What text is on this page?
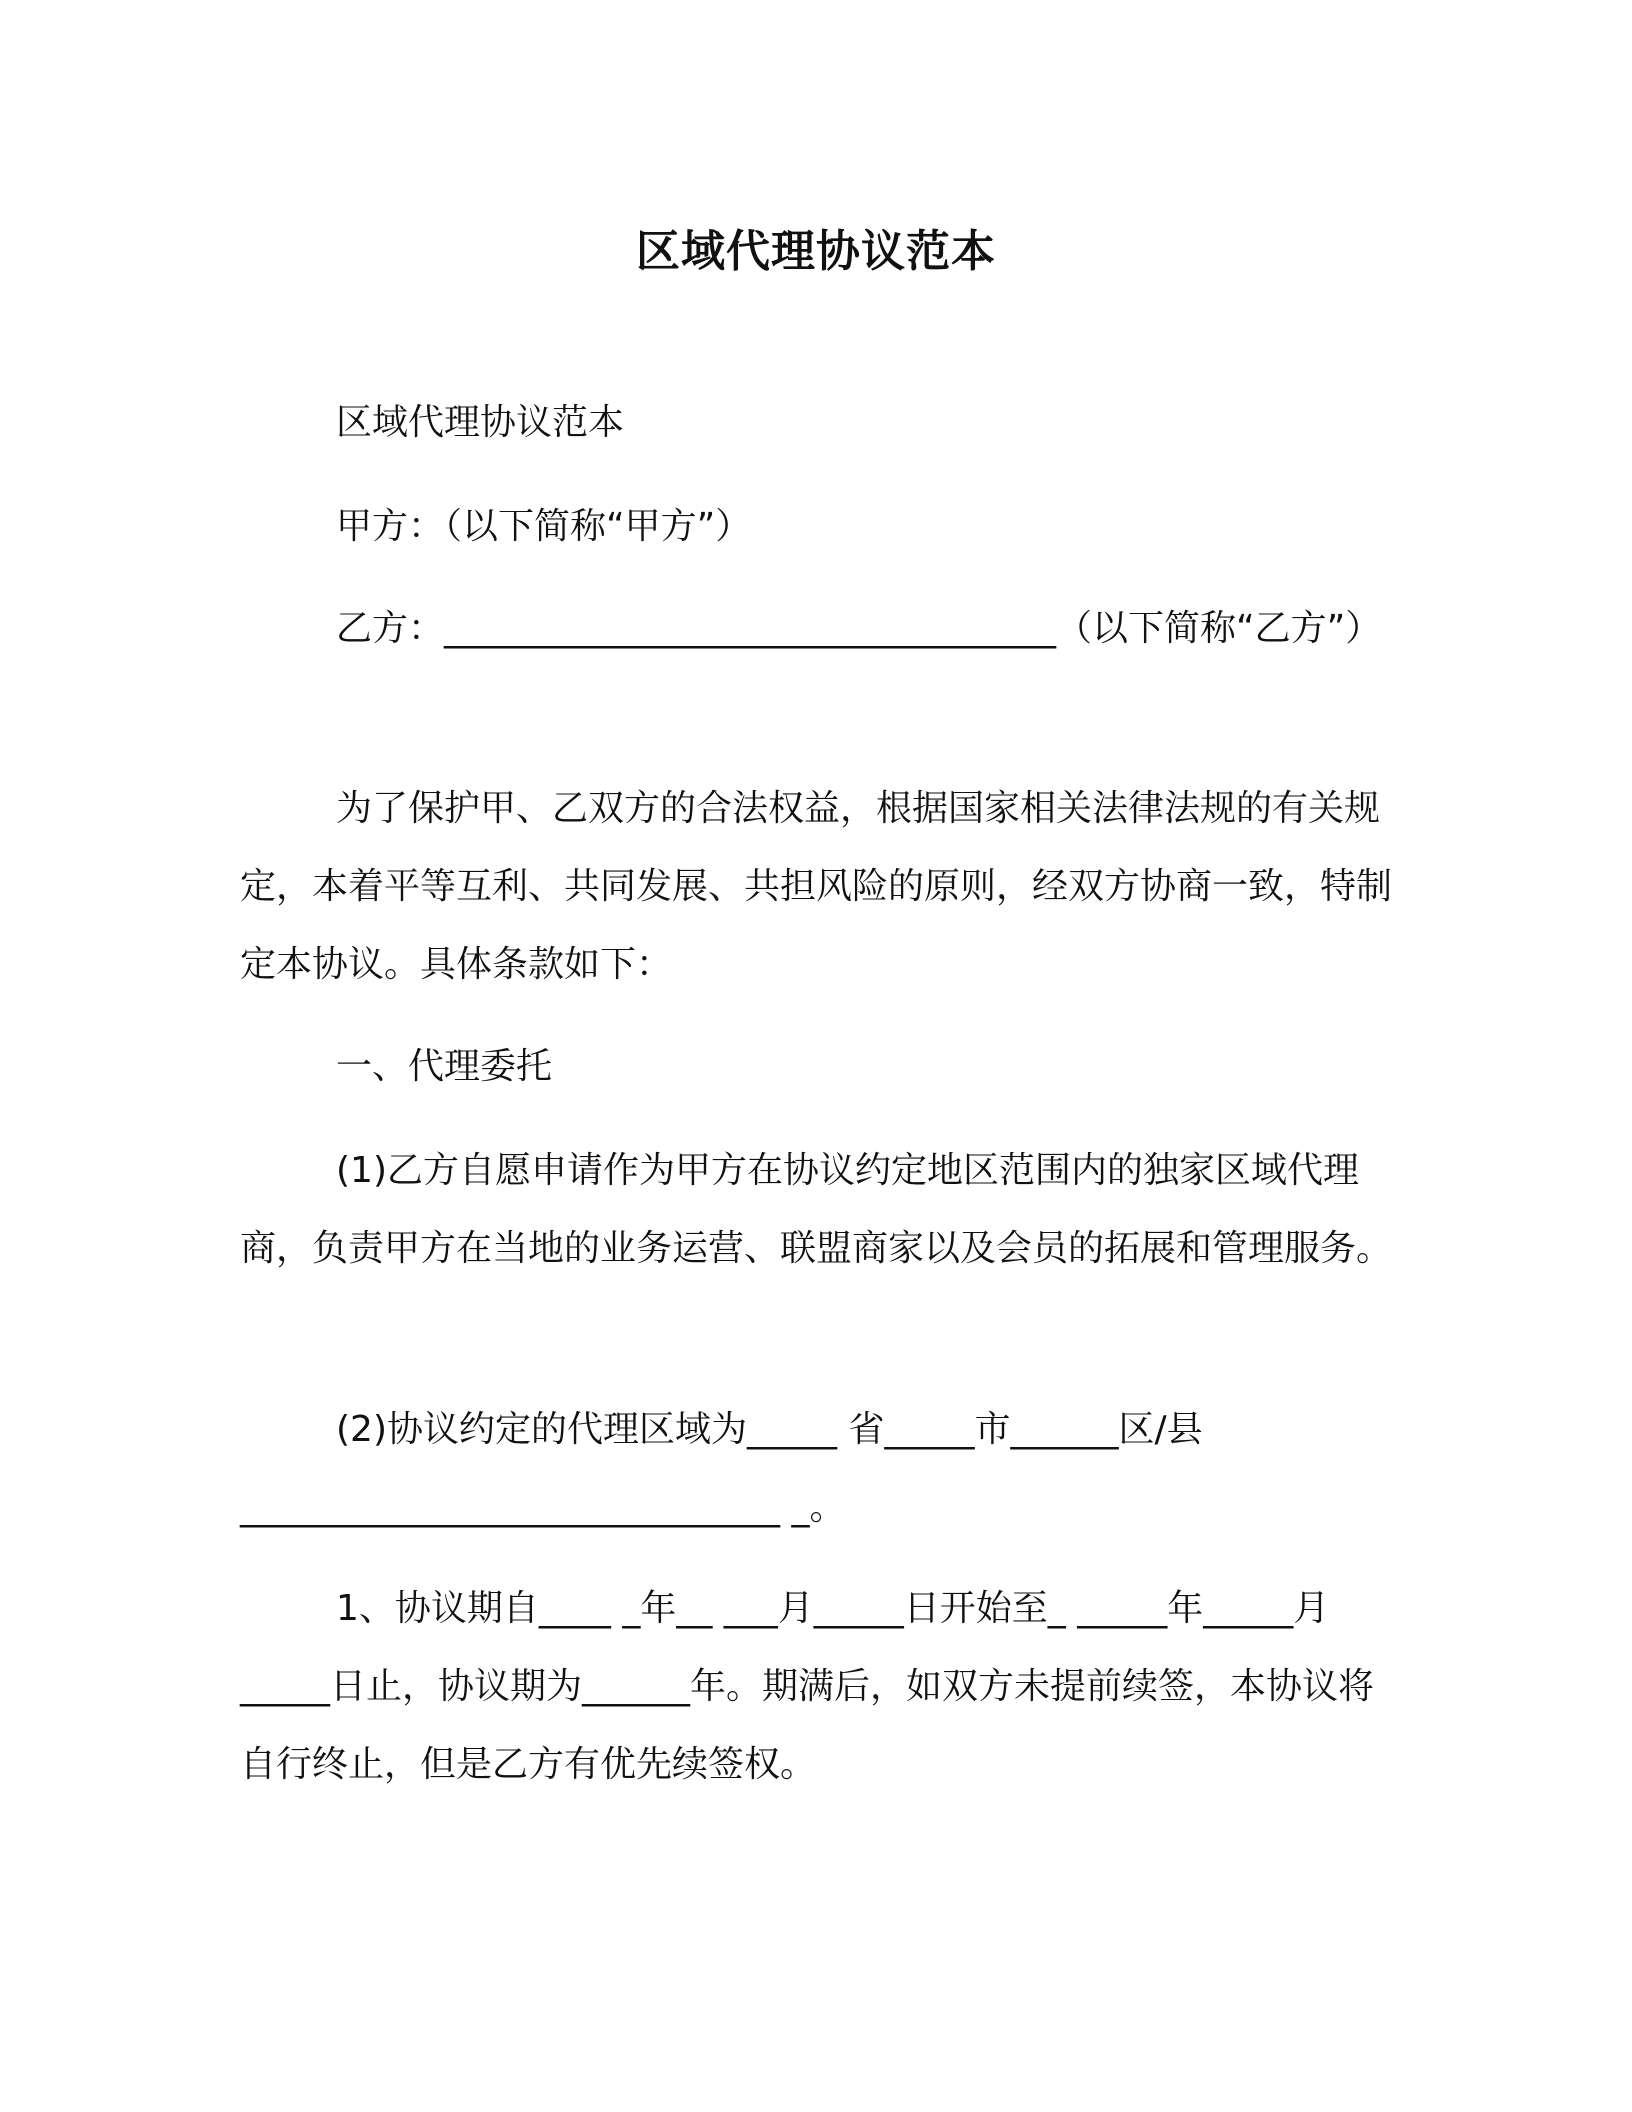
区域代理协议范本

区域代理协议范本

甲方：（以下简称“甲方”）

乙方：__________________________________（以下简称“乙方”）

为了保护甲、乙双方的合法权益，根据国家相关法律法规的有关规定，本着平等互利、共同发展、共担风险的原则，经双方协商一致，特制定本协议。具体条款如下：

一、代理委托

(1)乙方自愿申请作为甲方在协议约定地区范围内的独家区域代理商，负责甲方在当地的业务运营、联盟商家以及会员的拓展和管理服务。

(2)协议约定的代理区域为_____ 省_____市______区/县______________________________ _。

1、协议期自____ _年__ ___月_____日开始至_ _____年_____月_____日止，协议期为______年。期满后，如双方未提前续签，本协议将自行终止，但是乙方有优先续签权。
